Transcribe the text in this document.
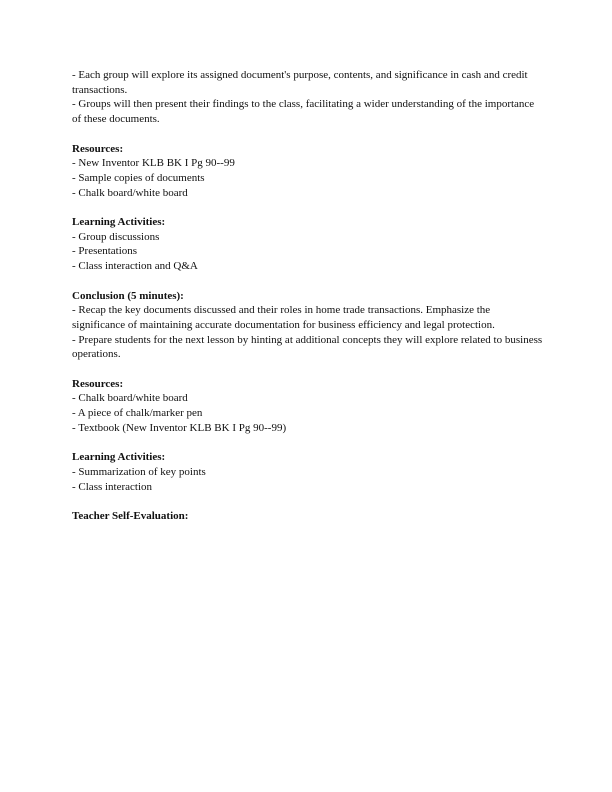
- Each group will explore its assigned document's purpose, contents, and significance in cash and credit transactions.
- Groups will then present their findings to the class, facilitating a wider understanding of the importance of these documents.
Resources:
- New Inventor KLB BK I Pg 90--99
- Sample copies of documents
- Chalk board/white board
Learning Activities:
- Group discussions
- Presentations
- Class interaction and Q&A
Conclusion (5 minutes):
- Recap the key documents discussed and their roles in home trade transactions. Emphasize the significance of maintaining accurate documentation for business efficiency and legal protection.
- Prepare students for the next lesson by hinting at additional concepts they will explore related to business operations.
Resources:
- Chalk board/white board
- A piece of chalk/marker pen
- Textbook (New Inventor KLB BK I Pg 90--99)
Learning Activities:
- Summarization of key points
- Class interaction
Teacher Self-Evaluation:
